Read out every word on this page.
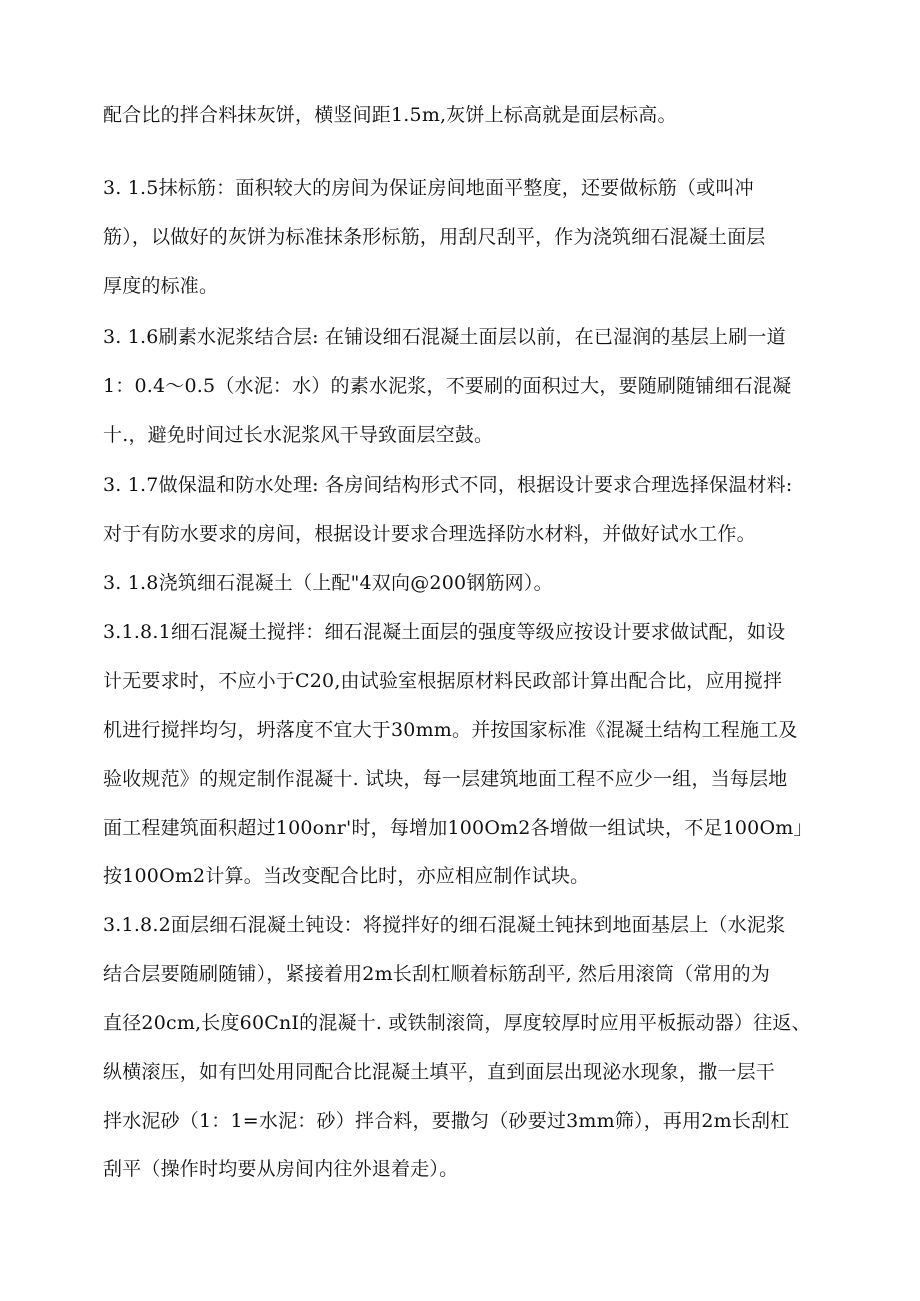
配合比的拌合料抹灰饼，横竖间距1.5m,灰饼上标高就是面层标高。
3. 1.5抹标筋：面积较大的房间为保证房间地面平整度，还要做标筋（或叫冲
筋），以做好的灰饼为标准抹条形标筋，用刮尺刮平，作为浇筑细石混凝土面层
厚度的标准。
3. 1.6刷素水泥浆结合层: 在铺设细石混凝土面层以前，在已湿润的基层上刷一道
1：0.4～0.5（水泥：水）的素水泥浆，不要刷的面积过大，要随刷随铺细石混凝
十.，避免时间过长水泥浆风干导致面层空鼓。
3. 1.7做保温和防水处理: 各房间结构形式不同，根据设计要求合理选择保温材料:
对于有防水要求的房间，根据设计要求合理选择防水材料，并做好试水工作。
3. 1.8浇筑细石混凝土（上配"4双向@200钢筋网）。
3.1.8.1细石混凝土搅拌：细石混凝土面层的强度等级应按设计要求做试配，如设
计无要求时，不应小于C20,由试验室根据原材料民政部计算出配合比，应用搅拌
机进行搅拌均匀，坍落度不宜大于30mm。并按国家标准《混凝土结构工程施工及
验收规范》的规定制作混凝十. 试块，每一层建筑地面工程不应少一组，当每层地
面工程建筑面积超过100onr'时，每增加100Om2各增做一组试块，不足100Om」
按100Om2计算。当改变配合比时，亦应相应制作试块。
3.1.8.2面层细石混凝土钝设：将搅拌好的细石混凝土钝抹到地面基层上（水泥浆
结合层要随刷随铺），紧接着用2m长刮杠顺着标筋刮平, 然后用滚筒（常用的为
直径20cm,长度60CnI的混凝十. 或铁制滚筒，厚度较厚时应用平板振动器）往返、
纵横滚压，如有凹处用同配合比混凝土填平，直到面层出现泌水现象，撒一层干
拌水泥砂（1：1=水泥：砂）拌合料，要撒匀（砂要过3mm筛），再用2m长刮杠
刮平（操作时均要从房间内往外退着走）。
